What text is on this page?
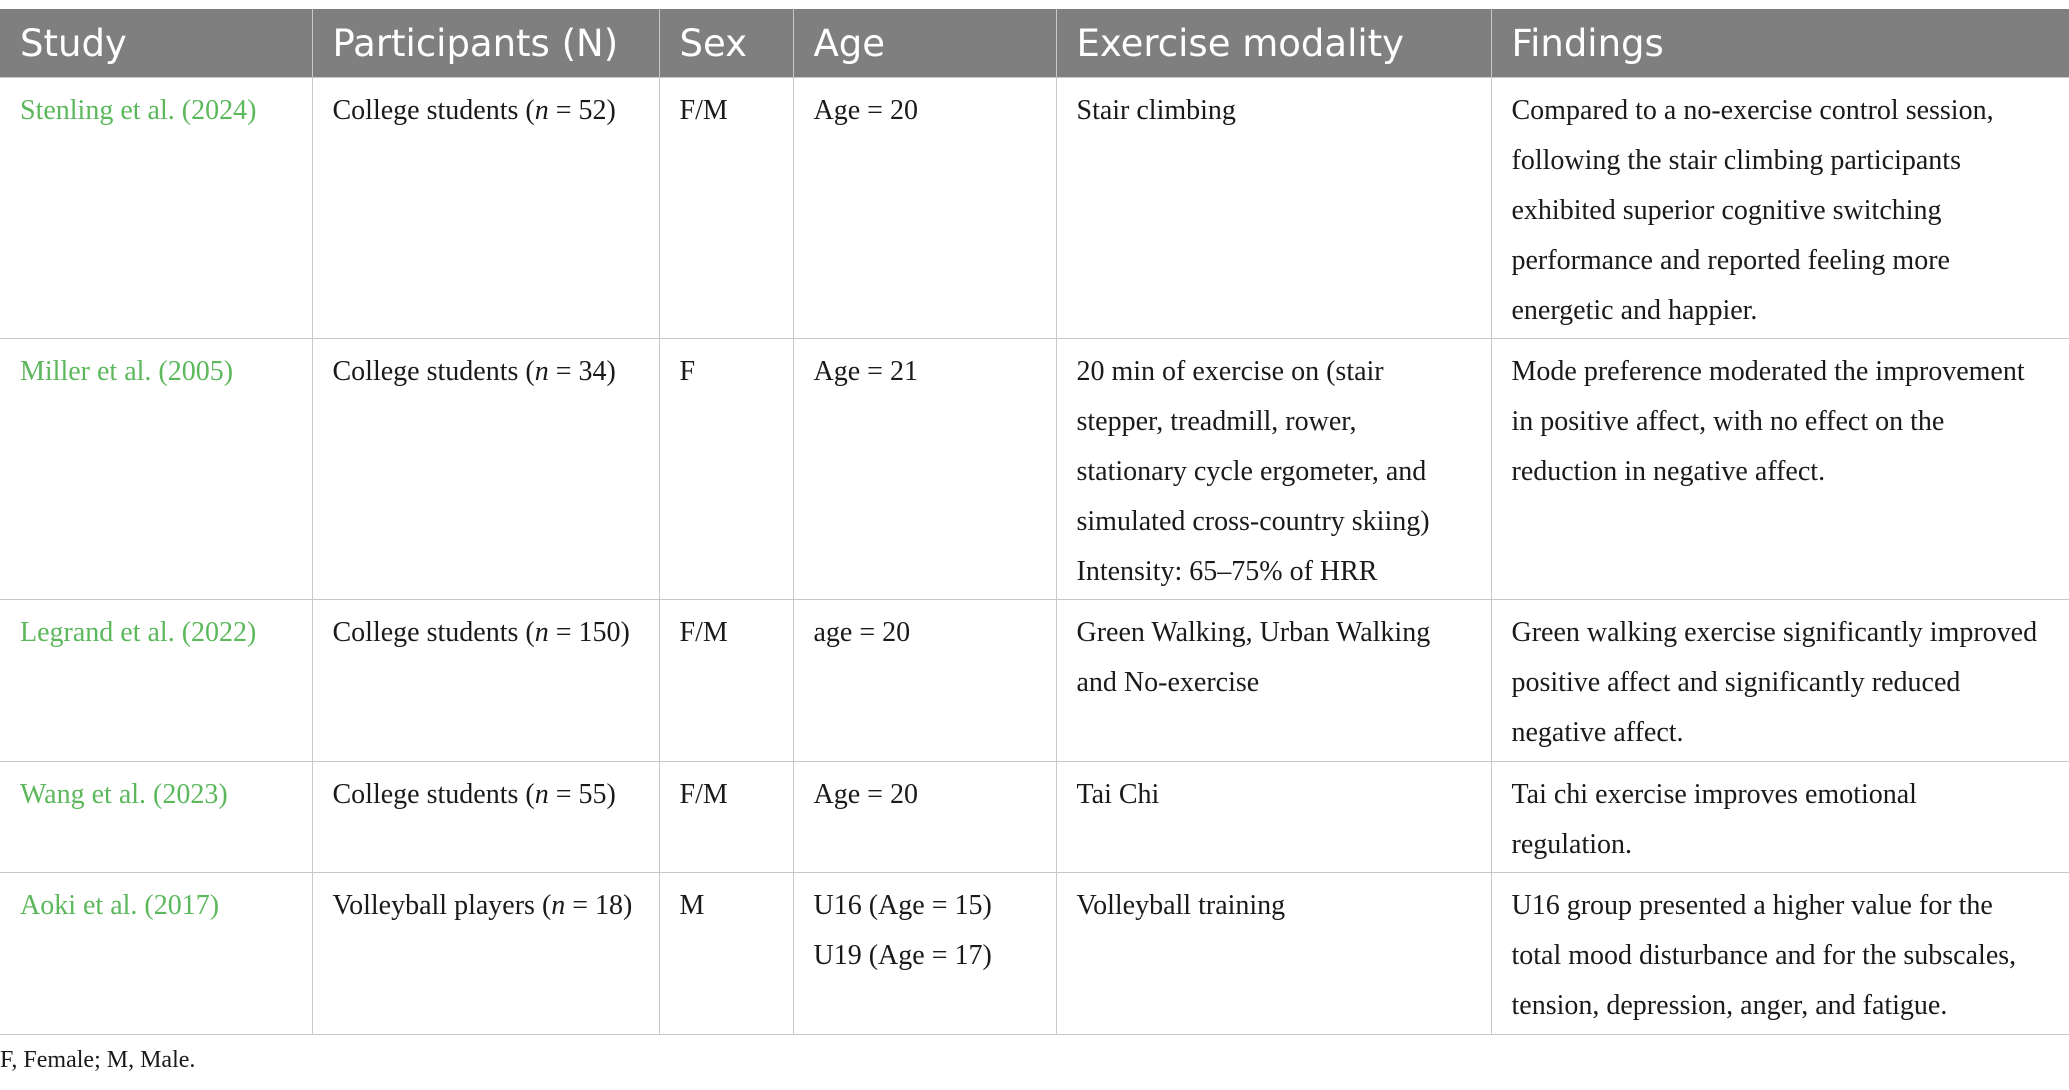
Study	Participants (N)	Sex	Age	Exercise modality	Findings
Stenling et al. (2024)	College students (n = 52)	F/M	Age = 20	Stair climbing	Compared to a no-exercise control session,
following the stair climbing participants
exhibited superior cognitive switching
performance and reported feeling more
energetic and happier.

Miller et al. (2005)	College students (n = 34)	F	Age = 21	20 min of exercise on (stair
stepper, treadmill, rower,
stationary cycle ergometer, and
simulated cross-country skiing)
Intensity: 65–75% of HRR	Mode preference moderated the improvement
in positive affect, with no effect on the
reduction in negative affect.

Legrand et al. (2022)	College students (n = 150)	F/M	age = 20	Green Walking, Urban Walking
and No-exercise	Green walking exercise significantly improved
positive affect and significantly reduced
negative affect.

Wang et al. (2023)	College students (n = 55)	F/M	Age = 20	Tai Chi	Tai chi exercise improves emotional
regulation.

Aoki et al. (2017)	Volleyball players (n = 18)	M	U16 (Age = 15)
U19 (Age = 17)	Volleyball training	U16 group presented a higher value for the
total mood disturbance and for the subscales,
tension, depression, anger, and fatigue.
F, Female; M, Male.
